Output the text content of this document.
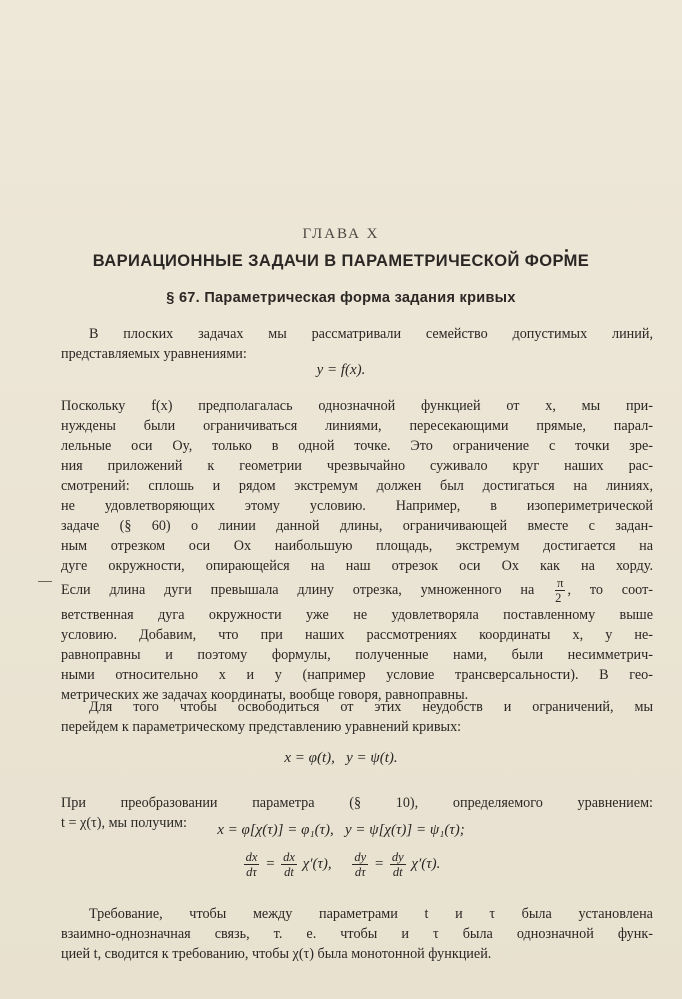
ГЛАВА X
ВАРИАЦИОННЫЕ ЗАДАЧИ В ПАРАМЕТРИЧЕСКОЙ ФОРМЕ
§ 67. Параметрическая форма задания кривых
В плоских задачах мы рассматривали семейство допустимых линий,
представляемых уравнениями:
y = f(x).
Поскольку f(x) предполагалась однозначной функцией от x, мы при-
нуждены были ограничиваться линиями, пересекающими прямые, парал-
лельные оси Oy, только в одной точке. Это ограничение с точки зре-
ния приложений к геометрии чрезвычайно суживало круг наших рас-
смотрений: сплошь и рядом экстремум должен был достигаться на линиях,
не удовлетворяющих этому условию. Например, в изопериметрической
задаче (§ 60) о линии данной длины, ограничивающей вместе с задан-
ным отрезком оси Ox наибольшую площадь, экстремум достигается на
дуге окружности, опирающейся на наш отрезок оси Ox как на хорду.
Если длина дуги превышала длину отрезка, умноженного на $\frac{\pi}{2}$ , то соот-
ветственная дуга окружности уже не удовлетворяла поставленному выше
условию. Добавим, что при наших рассмотрениях координаты x, y не-
равноправны и поэтому формулы, полученные нами, были несимметрич-
ными относительно x и y (например условие трансверсальности). В гео-
метрических же задачах координаты, вообще говоря, равноправны.
Для того чтобы освободиться от этих неудобств и ограничений, мы
перейдем к параметрическому представлению уравнений кривых:
x = φ(t),   y = ψ(t).
При преобразовании параметра (§ 10), определяемого уравнением:
t = χ(τ), мы получим:	x = φ[χ(τ)] = φ₁(τ),   y = ψ[χ(τ)] = ψ₁(τ);
$\frac{dx}{d\tau} = \frac{dx}{dt} \chi'(\tau)$, $\frac{dy}{d\tau} = \frac{dy}{dt} \chi'(\tau)$.
Требование, чтобы между параметрами t и τ была установлена
взаимно-однозначная связь, т. е. чтобы и τ была однозначной функ-
цией t, сводится к требованию, чтобы χ(τ) была монотонной функцией.
